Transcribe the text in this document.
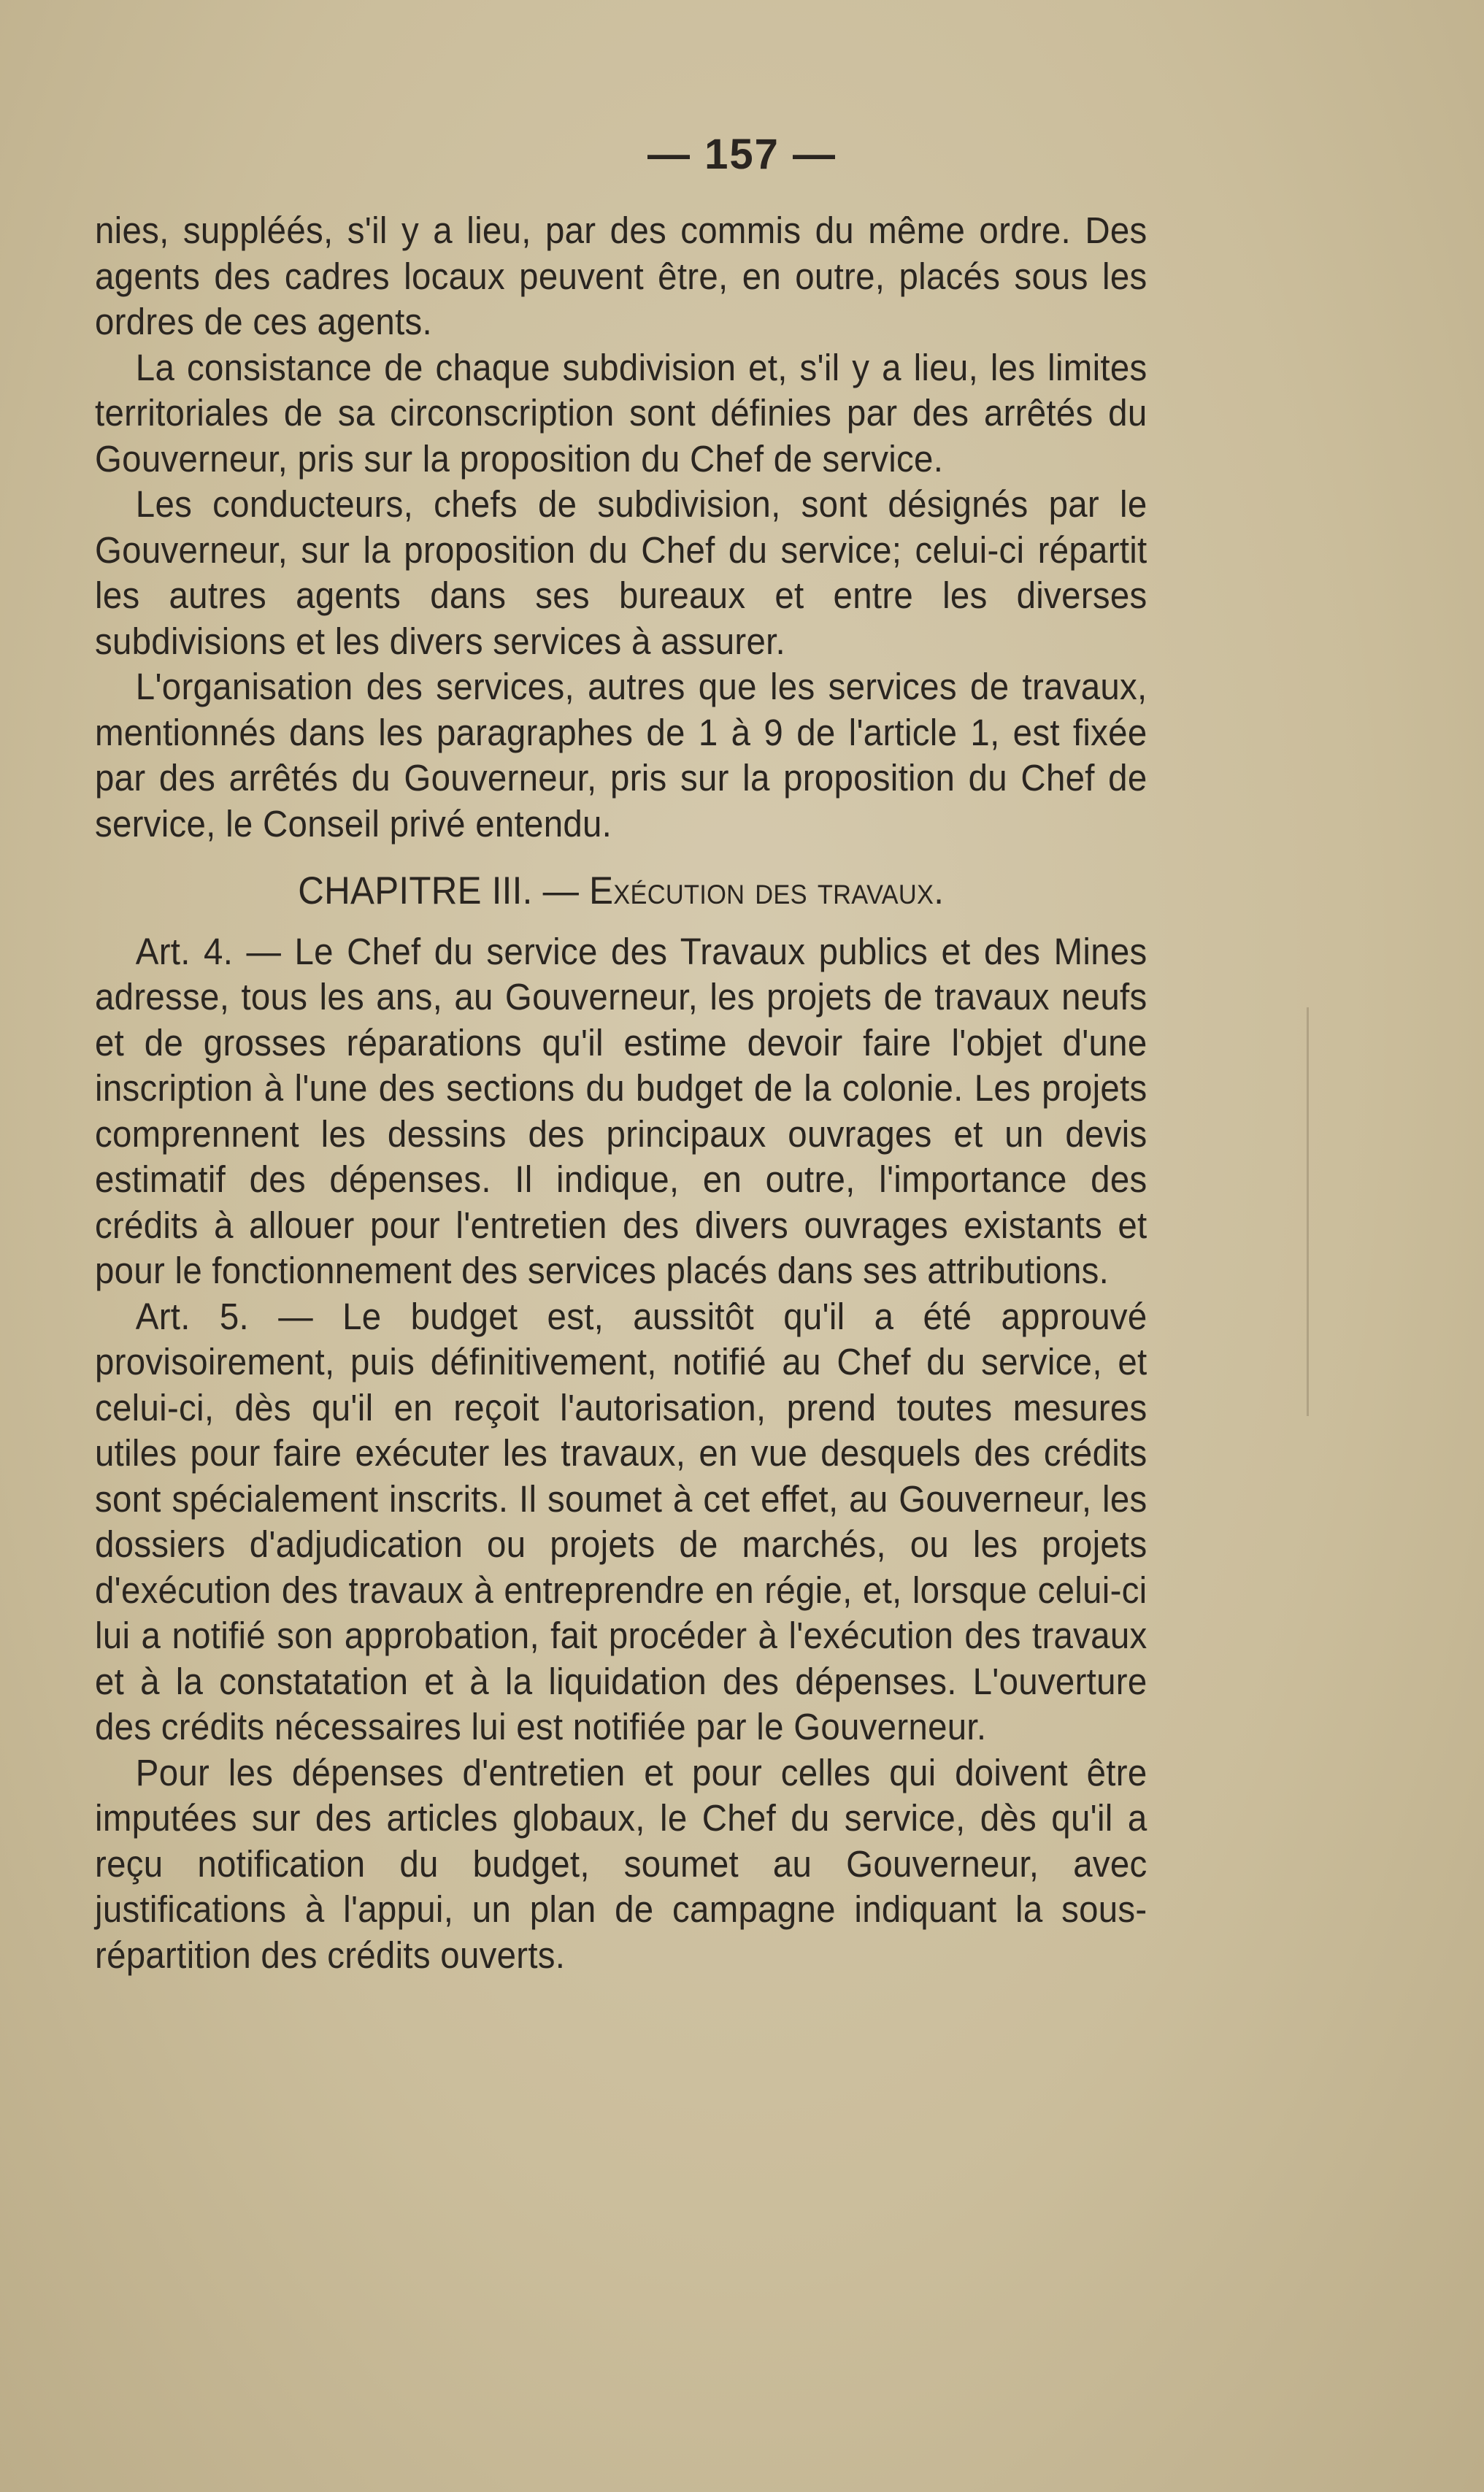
— 157 —

nies, suppléés, s'il y a lieu, par des commis du même ordre. Des agents des cadres locaux peuvent être, en outre, placés sous les ordres de ces agents.

La consistance de chaque subdivision et, s'il y a lieu, les limites territoriales de sa circonscription sont définies par des arrêtés du Gouverneur, pris sur la proposition du Chef de service.

Les conducteurs, chefs de subdivision, sont désignés par le Gouverneur, sur la proposition du Chef du service; celui-ci répartit les autres agents dans ses bureaux et entre les diverses subdivisions et les divers services à assurer.

L'organisation des services, autres que les services de travaux, mentionnés dans les paragraphes de 1 à 9 de l'article 1, est fixée par des arrêtés du Gouverneur, pris sur la proposition du Chef de service, le Conseil privé entendu.

CHAPITRE III. — Exécution des travaux.

Art. 4. — Le Chef du service des Travaux publics et des Mines adresse, tous les ans, au Gouverneur, les projets de travaux neufs et de grosses réparations qu'il estime devoir faire l'objet d'une inscription à l'une des sections du budget de la colonie. Les projets comprennent les dessins des principaux ouvrages et un devis estimatif des dépenses. Il indique, en outre, l'importance des crédits à allouer pour l'entretien des divers ouvrages existants et pour le fonctionnement des services placés dans ses attributions.

Art. 5. — Le budget est, aussitôt qu'il a été approuvé provisoirement, puis définitivement, notifié au Chef du service, et celui-ci, dès qu'il en reçoit l'autorisation, prend toutes mesures utiles pour faire exécuter les travaux, en vue desquels des crédits sont spécialement inscrits. Il soumet à cet effet, au Gouverneur, les dossiers d'adjudication ou projets de marchés, ou les projets d'exécution des travaux à entreprendre en régie, et, lorsque celui-ci lui a notifié son approbation, fait procéder à l'exécution des travaux et à la constatation et à la liquidation des dépenses. L'ouverture des crédits nécessaires lui est notifiée par le Gouverneur.

Pour les dépenses d'entretien et pour celles qui doivent être imputées sur des articles globaux, le Chef du service, dès qu'il a reçu notification du budget, soumet au Gouverneur, avec justifications à l'appui, un plan de campagne indiquant la sous-répartition des crédits ouverts.
